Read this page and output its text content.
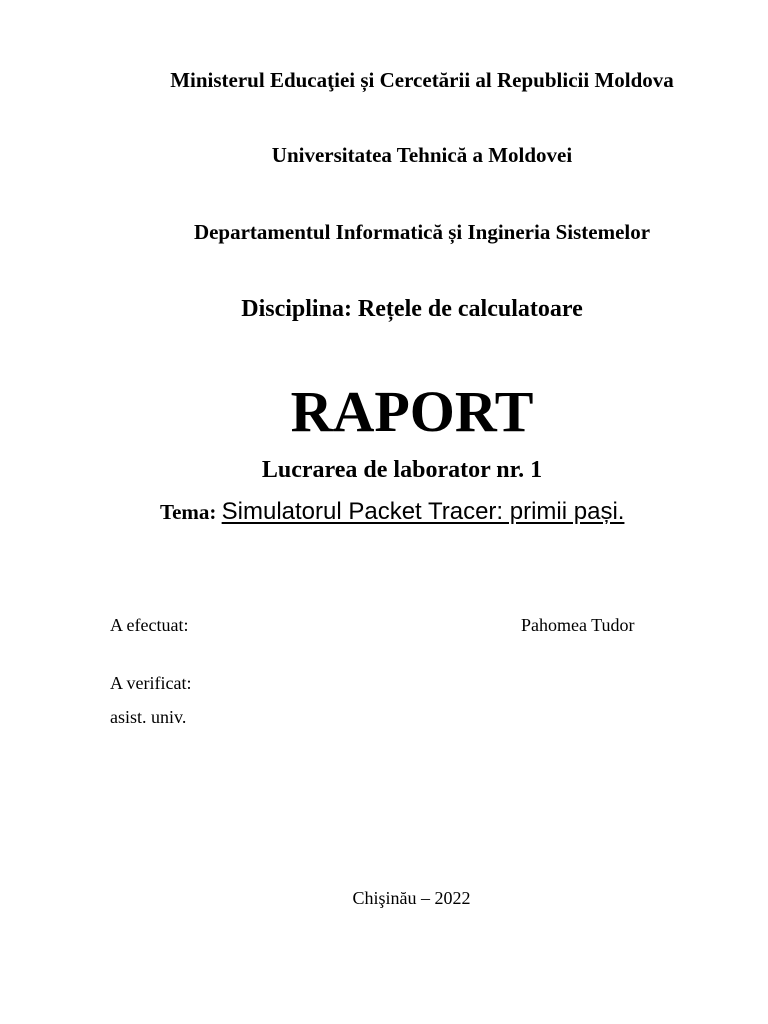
Ministerul Educaţiei și Cercetării al Republicii Moldova
Universitatea Tehnică a Moldovei
Departamentul Informatică și Ingineria Sistemelor
Disciplina: Rețele de calculatoare
RAPORT
Lucrarea de laborator nr. 1
Tema: Simulatorul Packet Tracer: primii pași.
A efectuat:	Pahomea Tudor
A verificat:
asist. univ.
Chişinău – 2022
